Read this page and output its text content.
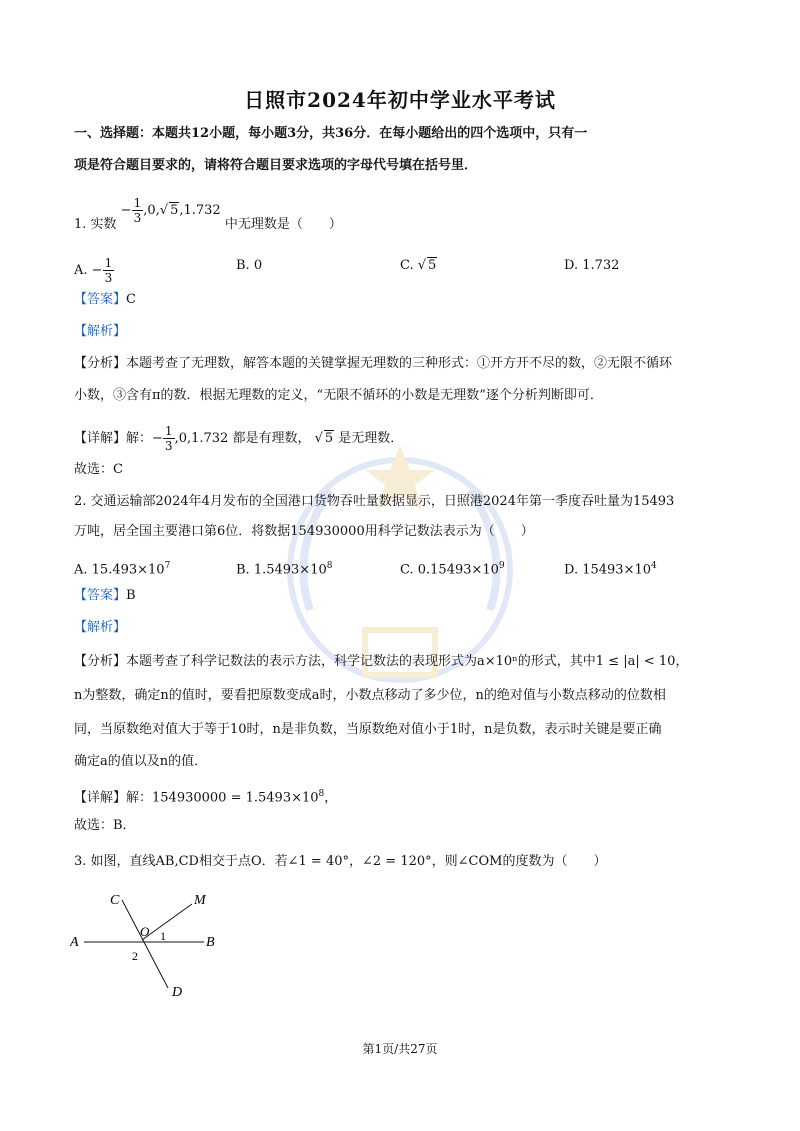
日照市2024年初中学业水平考试
一、选择题：本题共12小题，每小题3分，共36分．在每小题给出的四个选项中，只有一
项是符合题目要求的，请将符合题目要求选项的字母代号填在括号里．
1. 实数 − $\frac{1}{3} ,0,√$ 5,1.732 中无理数是（　　）
A. − $\frac{1}{3}$	B. 0	C. √ 5	D. 1.732
【答案】C
【解析】
【分析】本题考查了无理数，解答本题的关键掌握无理数的三种形式：①开方开不尽的数，②无限不循环
小数，③含有π的数．根据无理数的定义，“无限不循环的小数是无理数”逐个分析判断即可．
【详解】解：− $\frac{1}{3} ,0,1.732$ 都是有理数， √ 5 是无理数．
故选：C
2. 交通运输部2024年4月发布的全国港口货物吞吐量数据显示，日照港2024年第一季度吞吐量为15493
万吨，居全国主要港口第6位．将数据154930000用科学记数法表示为（　　）
A. $15.493\times 10^7$	B. $1.5493\times 10^8$	C. $0.15493\times 10^9$	D. $15493\times 10^4$
【答案】B
【解析】
【分析】本题考查了科学记数法的表示方法，科学记数法的表现形式为a×10ⁿ的形式，其中1 ≤ |a| < 10，
n为整数，确定n的值时，要看把原数变成a时，小数点移动了多少位，n的绝对值与小数点移动的位数相
同，当原数绝对值大于等于10时，n是非负数，当原数绝对值小于1时，n是负数，表示时关键是要正确
确定a的值以及n的值．
【详解】解：$154930000 = 1.5493\times 10^8$，
故选：B．
3. 如图，直线AB,CD相交于点O．若∠1 = 40°，∠2 = 120°，则∠COM的度数为（　　）
C	M
O 1
A	B
2
D
第1页/共27页
